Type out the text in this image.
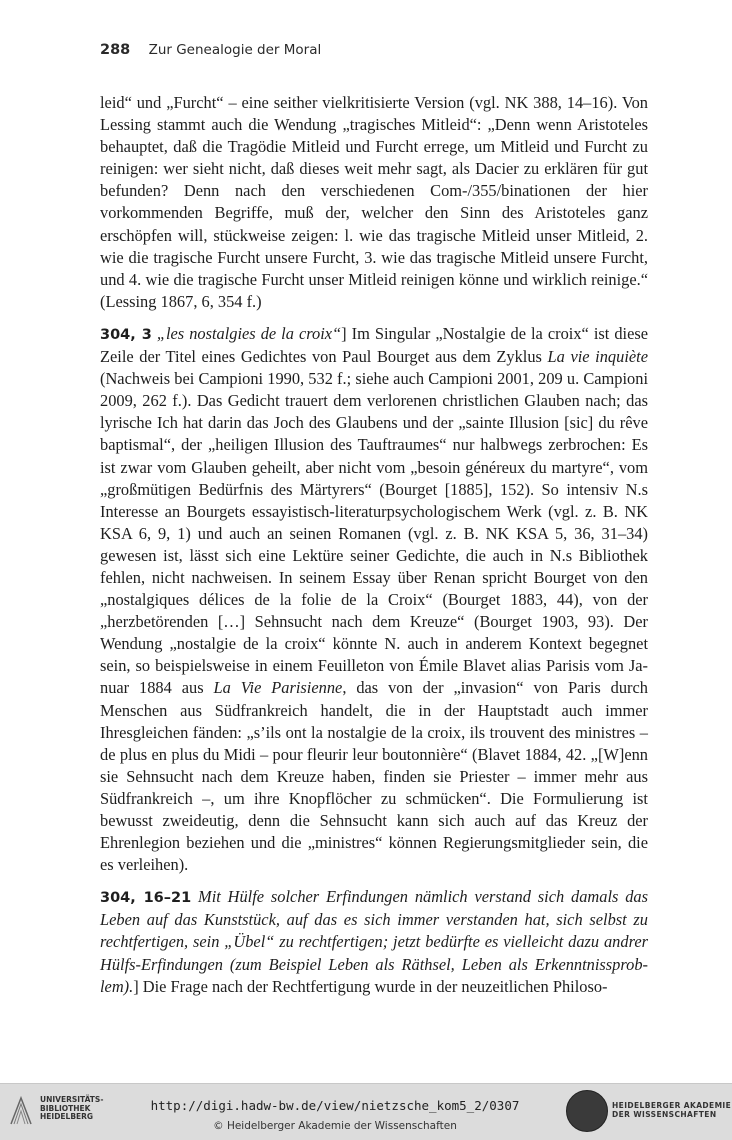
288 Zur Genealogie der Moral

leid“ und „Furcht“ – eine seither vielkritisierte Version (vgl. NK 388, 14–16). Von Lessing stammt auch die Wendung „tragisches Mitleid“: „Denn wenn Aristoteles behauptet, daß die Tragödie Mitleid und Furcht errege, um Mitleid und Furcht zu reinigen: wer sieht nicht, daß dieses weit mehr sagt, als Dacier zu erklären für gut befunden? Denn nach den verschiedenen Com-/355/binationen der hier vorkommenden Begriffe, muß der, welcher den Sinn des Aristoteles ganz erschöpfen will, stückweise zeigen: l. wie das tragische Mitleid unser Mitleid, 2. wie die tragische Furcht unsere Furcht, 3. wie das tragische Mitleid unsere Furcht, und 4. wie die tragische Furcht unser Mitleid reinigen könne und wirklich reinige.“ (Lessing 1867, 6, 354 f.)

304, 3 „les nostalgies de la croix“] Im Singular „Nostalgie de la croix“ ist diese Zeile der Titel eines Gedichtes von Paul Bourget aus dem Zyklus La vie inquiète (Nachweis bei Campioni 1990, 532 f.; siehe auch Campioni 2001, 209 u. Campioni 2009, 262 f.). Das Gedicht trauert dem verlorenen christlichen Glauben nach; das lyrische Ich hat darin das Joch des Glaubens und der „sainte Illusion [sic] du rêve baptismal“, der „heiligen Illusion des Tauftraumes“ nur halbwegs zerbrochen: Es ist zwar vom Glauben geheilt, aber nicht vom „besoin généreux du martyre“, vom „großmütigen Bedürfnis des Märtyrers“ (Bourget [1885], 152). So intensiv N.s Interesse an Bourgets essayistisch-literaturpsychologischem Werk (vgl. z. B. NK KSA 6, 9, 1) und auch an seinen Romanen (vgl. z. B. NK KSA 5, 36, 31–34) gewesen ist, lässt sich eine Lektüre seiner Gedichte, die auch in N.s Bibliothek fehlen, nicht nachweisen. In seinem Essay über Renan spricht Bourget von den „nostalgiques délices de la folie de la Croix“ (Bourget 1883, 44), von der „herzbetörenden […] Sehnsucht nach dem Kreuze“ (Bourget 1903, 93). Der Wendung „nostalgie de la croix“ könnte N. auch in anderem Kontext begegnet sein, so beispielsweise in einem Feuilleton von Émile Blavet alias Parisis vom Januar 1884 aus La Vie Parisienne, das von der „invasion“ von Paris durch Menschen aus Südfrankreich handelt, die in der Hauptstadt auch immer Ihresgleichen fänden: „s’ils ont la nostalgie de la croix, ils trouvent des ministres – de plus en plus du Midi – pour fleurir leur boutonnière“ (Blavet 1884, 42. „[W]enn sie Sehnsucht nach dem Kreuze haben, finden sie Priester – immer mehr aus Südfrankreich –, um ihre Knopflöcher zu schmücken“. Die Formulierung ist bewusst zweideutig, denn die Sehnsucht kann sich auch auf das Kreuz der Ehrenlegion beziehen und die „ministres“ können Regierungsmitglieder sein, die es verleihen).

304, 16–21 Mit Hülfe solcher Erfindungen nämlich verstand sich damals das Leben auf das Kunststück, auf das es sich immer verstanden hat, sich selbst zu rechtfertigen, sein „Übel“ zu rechtfertigen; jetzt bedürfte es vielleicht dazu andrer Hülfs-Erfindungen (zum Beispiel Leben als Räthsel, Leben als Erkenntnissproblem).] Die Frage nach der Rechtfertigung wurde in der neuzeitlichen Philoso-

UNIVERSITÄTS-
BIBLIOTHEK
HEIDELBERG
http://digi.hadw-bw.de/view/nietzsche_kom5_2/0307
© Heidelberger Akademie der Wissenschaften
HEIDELBERGER AKADEMIE
DER WISSENSCHAFTEN
